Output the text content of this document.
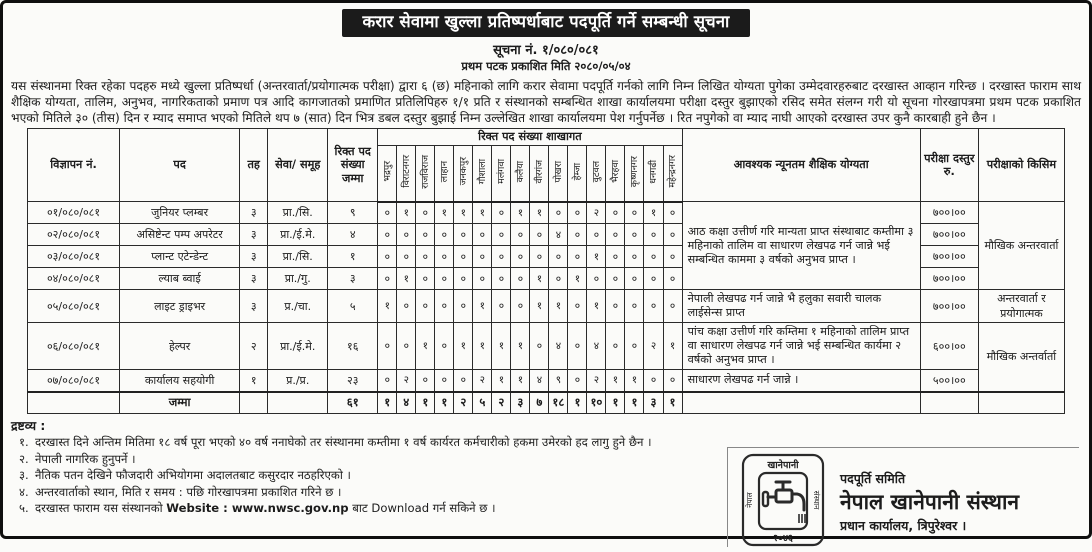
करार सेवामा खुल्ला प्रतिष्पर्धाबाट पदपूर्ति गर्ने सम्बन्धी सूचना
सूचना नं. १/०८०/०८१
प्रथम पटक प्रकाशित मिति २०८०/०५/०४
यस संस्थानमा रिक्त रहेका पदहरु मध्ये खुल्ला प्रतिष्पर्धा (अन्तरवार्ता/प्रयोगात्मक परीक्षा) द्वारा ६ (छ) महिनाको लागि करार सेवामा पदपूर्ति गर्नको लागि निम्न लिखित योग्यता पुगेका उम्मेदवारहरुबाट दरखास्त आव्हान गरिन्छ । दरखास्त फाराम साथ शैक्षिक योग्यता, तालिम, अनुभव, नागरिकताको प्रमाण पत्र आदि कागजातको प्रमाणित प्रतिलिपिहरु १/१ प्रति र संस्थानको सम्बन्धित शाखा कार्यालयमा परीक्षा दस्तुर बुझाएको रसिद समेत संलग्न गरी यो सूचना गोरखापत्रमा प्रथम पटक प्रकाशित भएको मितिले ३० (तीस) दिन र म्याद समाप्त भएको मितिले थप ७ (सात) दिन भित्र डबल दस्तुर बुझाई निम्न उल्लेखित शाखा कार्यालयमा पेश गर्नुपर्नेछ । रित नपुगेको वा म्याद नाघी आएको दरखास्त उपर कुनै कारबाही हुने छैन ।
विज्ञापन नं.	पद	तह	सेवा/ समूह	रिक्त पद संख्या जम्मा	रिक्त पद संख्या शाखागत																आवश्यक न्यूनतम शैक्षिक योग्यता	परीक्षा दस्तुर रु.	परीक्षाको किसिम
					भद्रपुर	विराटनगर	राजविराज	लाहान	जनकपुर	गौशाला	मलंगवा	कलैया	वीरगंज	पोखरा	हेम्जा	वुटवल	भैरहवा	कृष्णनगर	धनगढी	महेन्द्रनगर			
०१/०८०/०८१	जुनियर प्लम्बर	३	प्रा./सि.	९	०	१	०	१	१	१	०	१	१	०	०	२	०	०	१	०	आठ कक्षा उत्तीर्ण गरि मान्यता प्राप्त संस्थाबाट कम्तीमा ३ महिनाको तालिम वा साधारण लेखपढ गर्न जान्ने भई सम्बन्धित काममा ३ वर्षको अनुभव प्राप्त ।	७००।००	मौखिक अन्तरवार्ता
०२/०८०/०८१	असिष्टेन्ट पम्प अपरेटर	३	प्रा./ई.मे.	४	०	०	०	०	०	०	०	०	०	४	०	०	०	०	०	०		७००।००	
०३/०८०/०८१	प्लान्ट एटेन्डेन्ट	३	प्रा./सि.	१	०	०	०	०	०	०	०	०	०	०	०	१	०	०	०	०		७००।००	
०४/०८०/०८१	ल्याब ब्वाई	३	प्रा./गु.	३	०	१	०	०	०	०	०	०	१	०	१	०	०	०	०	०		७००।००	
०५/०८०/०८१	लाइट ड्राइभर	३	प्र./चा.	५	१	०	०	०	०	१	०	०	१	१	०	१	०	०	०	०	नेपाली लेखपढ गर्न जान्ने भै हलुका सवारी चालक लाईसेन्स प्राप्त	७००।००	अन्तरवार्ता र प्रयोगात्मक
०६/०८०/०८१	हेल्पर	२	प्रा./ई.मे.	१६	०	०	१	०	१	१	१	१	०	४	०	४	०	०	२	१	पांच कक्षा उत्तीर्ण गरि कम्तिमा १ महिनाको तालिम प्राप्त वा साधारण लेखपढ गर्न जान्ने भई सम्बन्धित कार्यमा २ वर्षको अनुभव प्राप्त ।	६००।००	मौखिक अन्तर्वार्ता
०७/०८०/०८१	कार्यालय सहयोगी	१	प्र./प्र.	२३	०	२	०	०	०	२	१	१	४	९	०	२	१	१	०	०	साधारण लेखपढ गर्न जान्ने ।	५००।००	
	जम्मा			६१	१	४	१	१	२	५	२	३	७	१८	१	१०	१	१	३	१			
द्रष्टव्य :
१. दरखास्त दिने अन्तिम मितिमा १८ वर्ष पूरा भएको ४० वर्ष ननाघेको तर संस्थानमा कम्तीमा १ वर्ष कार्यरत कर्मचारीको हकमा उमेरको हद लागु हुने छैन ।
२. नेपाली नागरिक हुनुपर्ने ।
३. नैतिक पतन देखिने फौजदारी अभियोगमा अदालतबाट कसुरदार नठहरिएको ।
४. अन्तरवार्ताको स्थान, मिति र समय : पछि गोरखापत्रमा प्रकाशित गरिने छ ।
५. दरखास्त फाराम यस संस्थानको Website : www.nwsc.gov.np बाट Download गर्न सकिने छ ।
खानेपानी
२०४६
नेपाल	संस्थान
पदपूर्ति समिति
नेपाल खानेपानी संस्थान
प्रधान कार्यालय, त्रिपुरेश्वर ।
